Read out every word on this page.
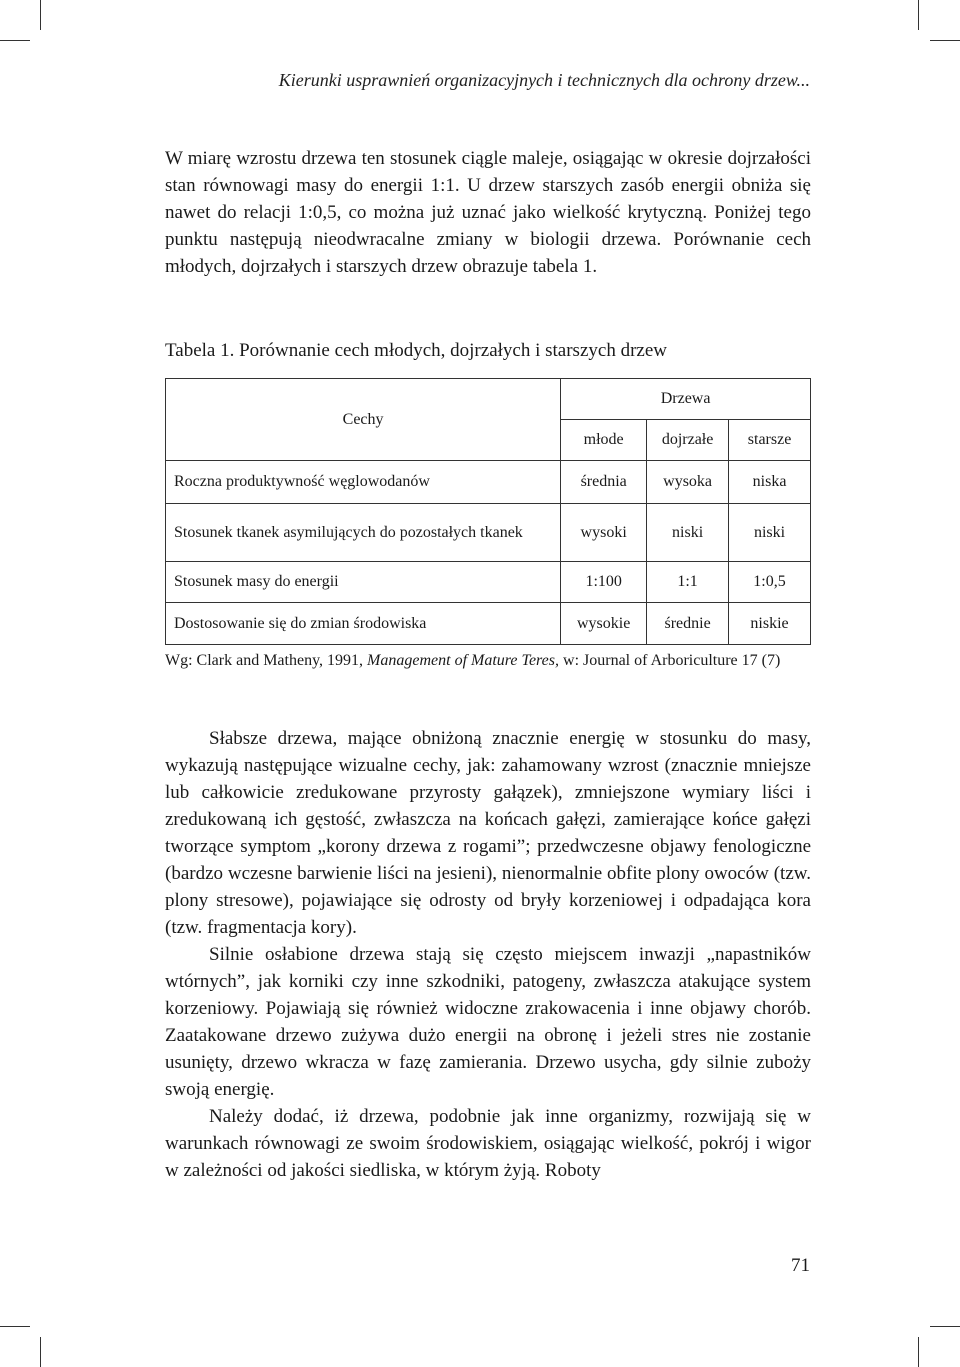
Kierunki usprawnień organizacyjnych i technicznych dla ochrony drzew...

W miarę wzrostu drzewa ten stosunek ciągle maleje, osiągając w okresie dojrzałości stan równowagi masy do energii 1:1. U drzew starszych zasób energii obniża się nawet do relacji 1:0,5, co można już uznać jako wielkość krytyczną. Poniżej tego punktu następują nieodwracalne zmiany w biologii drzewa. Porównanie cech młodych, dojrzałych i starszych drzew obrazuje tabela 1.

Tabela 1. Porównanie cech młodych, dojrzałych i starszych drzew
Cechy	Drzewa		
	młode	dojrzałe	starsze
Roczna produktywność węglowodanów	średnia	wysoka	niska
Stosunek tkanek asymilujących do pozostałych tkanek	wysoki	niski	niski
Stosunek masy do energii	1:100	1:1	1:0,5
Dostosowanie się do zmian środowiska	wysokie	średnie	niskie
Wg: Clark and Matheny, 1991, Management of Mature Teres, w: Journal of Arboriculture 17 (7)

Słabsze drzewa, mające obniżoną znacznie energię w stosunku do masy, wykazują następujące wizualne cechy, jak: zahamowany wzrost (znacznie mniejsze lub całkowicie zredukowane przyrosty gałązek), zmniejszone wymiary liści i zredukowaną ich gęstość, zwłaszcza na końcach gałęzi, zamierające końce gałęzi tworzące symptom „korony drzewa z rogami”; przedwczesne objawy fenologiczne (bardzo wczesne barwienie liści na jesieni), nienormalnie obfite plony owoców (tzw. plony stresowe), pojawiające się odrosty od bryły korzeniowej i odpadająca kora (tzw. fragmentacja kory).

Silnie osłabione drzewa stają się często miejscem inwazji „napastników wtórnych”, jak korniki czy inne szkodniki, patogeny, zwłaszcza atakujące system korzeniowy. Pojawiają się również widoczne zrakowacenia i inne objawy chorób. Zaatakowane drzewo zużywa dużo energii na obronę i jeżeli stres nie zostanie usunięty, drzewo wkracza w fazę zamierania. Drzewo usycha, gdy silnie zuboży swoją energię.

Należy dodać, iż drzewa, podobnie jak inne organizmy, rozwijają się w warunkach równowagi ze swoim środowiskiem, osiągając wielkość, pokrój i wigor w zależności od jakości siedliska, w którym żyją. Roboty

71
